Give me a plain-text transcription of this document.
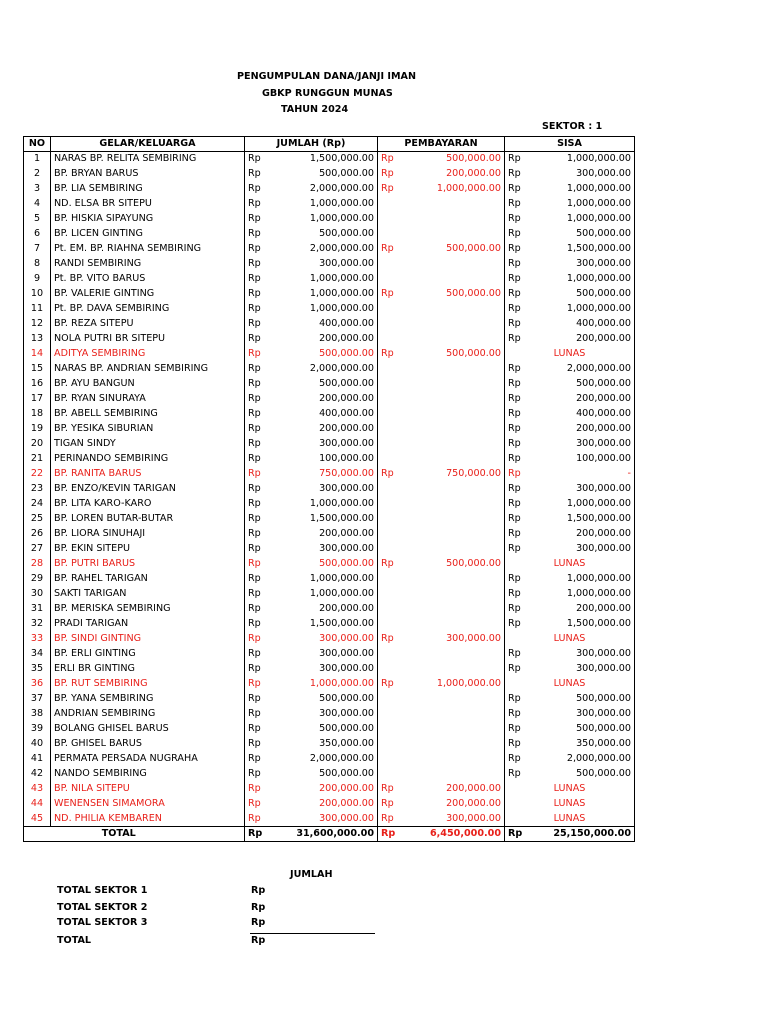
PENGUMPULAN DANA/JANJI IMAN
GBKP RUNGGUN MUNAS
TAHUN 2024
SEKTOR : 1
NO	GELAR/KELUARGA	JUMLAH (Rp)		PEMBAYARAN		SISA	
1	NARAS BP. RELITA SEMBIRING	Rp	1,500,000.00	Rp	500,000.00	Rp	1,000,000.00
2	BP. BRYAN BARUS	Rp	500,000.00	Rp	200,000.00	Rp	300,000.00
3	BP. LIA SEMBIRING	Rp	2,000,000.00	Rp	1,000,000.00	Rp	1,000,000.00
4	ND. ELSA BR SITEPU	Rp	1,000,000.00			Rp	1,000,000.00
5	BP. HISKIA SIPAYUNG	Rp	1,000,000.00			Rp	1,000,000.00
6	BP. LICEN GINTING	Rp	500,000.00			Rp	500,000.00
7	Pt. EM. BP. RIAHNA SEMBIRING	Rp	2,000,000.00	Rp	500,000.00	Rp	1,500,000.00
8	RANDI SEMBIRING	Rp	300,000.00			Rp	300,000.00
9	Pt. BP. VITO BARUS	Rp	1,000,000.00			Rp	1,000,000.00
10	BP. VALERIE GINTING	Rp	1,000,000.00	Rp	500,000.00	Rp	500,000.00
11	Pt. BP. DAVA SEMBIRING	Rp	1,000,000.00			Rp	1,000,000.00
12	BP. REZA SITEPU	Rp	400,000.00			Rp	400,000.00
13	NOLA PUTRI BR SITEPU	Rp	200,000.00			Rp	200,000.00
14	ADITYA SEMBIRING	Rp	500,000.00	Rp	500,000.00	LUNAS	
15	NARAS BP. ANDRIAN SEMBIRING	Rp	2,000,000.00			Rp	2,000,000.00
16	BP. AYU BANGUN	Rp	500,000.00			Rp	500,000.00
17	BP. RYAN SINURAYA	Rp	200,000.00			Rp	200,000.00
18	BP. ABELL SEMBIRING	Rp	400,000.00			Rp	400,000.00
19	BP. YESIKA SIBURIAN	Rp	200,000.00			Rp	200,000.00
20	TIGAN SINDY	Rp	300,000.00			Rp	300,000.00
21	PERINANDO SEMBIRING	Rp	100,000.00			Rp	100,000.00
22	BP. RANITA BARUS	Rp	750,000.00	Rp	750,000.00	Rp	-
23	BP. ENZO/KEVIN TARIGAN	Rp	300,000.00			Rp	300,000.00
24	BP. LITA KARO-KARO	Rp	1,000,000.00			Rp	1,000,000.00
25	BP. LOREN BUTAR-BUTAR	Rp	1,500,000.00			Rp	1,500,000.00
26	BP. LIORA SINUHAJI	Rp	200,000.00			Rp	200,000.00
27	BP. EKIN SITEPU	Rp	300,000.00			Rp	300,000.00
28	BP. PUTRI BARUS	Rp	500,000.00	Rp	500,000.00	LUNAS	
29	BP. RAHEL TARIGAN	Rp	1,000,000.00			Rp	1,000,000.00
30	SAKTI TARIGAN	Rp	1,000,000.00			Rp	1,000,000.00
31	BP. MERISKA SEMBIRING	Rp	200,000.00			Rp	200,000.00
32	PRADI TARIGAN	Rp	1,500,000.00			Rp	1,500,000.00
33	BP. SINDI GINTING	Rp	300,000.00	Rp	300,000.00	LUNAS	
34	BP. ERLI GINTING	Rp	300,000.00			Rp	300,000.00
35	ERLI BR GINTING	Rp	300,000.00			Rp	300,000.00
36	BP. RUT SEMBIRING	Rp	1,000,000.00	Rp	1,000,000.00	LUNAS	
37	BP. YANA SEMBIRING	Rp	500,000.00			Rp	500,000.00
38	ANDRIAN SEMBIRING	Rp	300,000.00			Rp	300,000.00
39	BOLANG GHISEL BARUS	Rp	500,000.00			Rp	500,000.00
40	BP. GHISEL BARUS	Rp	350,000.00			Rp	350,000.00
41	PERMATA PERSADA NUGRAHA	Rp	2,000,000.00			Rp	2,000,000.00
42	NANDO SEMBIRING	Rp	500,000.00			Rp	500,000.00
43	BP. NILA SITEPU	Rp	200,000.00	Rp	200,000.00	LUNAS	
44	WENENSEN SIMAMORA	Rp	200,000.00	Rp	200,000.00	LUNAS	
45	ND. PHILIA KEMBAREN	Rp	300,000.00	Rp	300,000.00	LUNAS	
	TOTAL	Rp	31,600,000.00	Rp	6,450,000.00	Rp	25,150,000.00
JUMLAH
TOTAL SEKTOR 1	Rp
TOTAL SEKTOR 2	Rp
TOTAL SEKTOR 3	Rp
TOTAL	Rp
